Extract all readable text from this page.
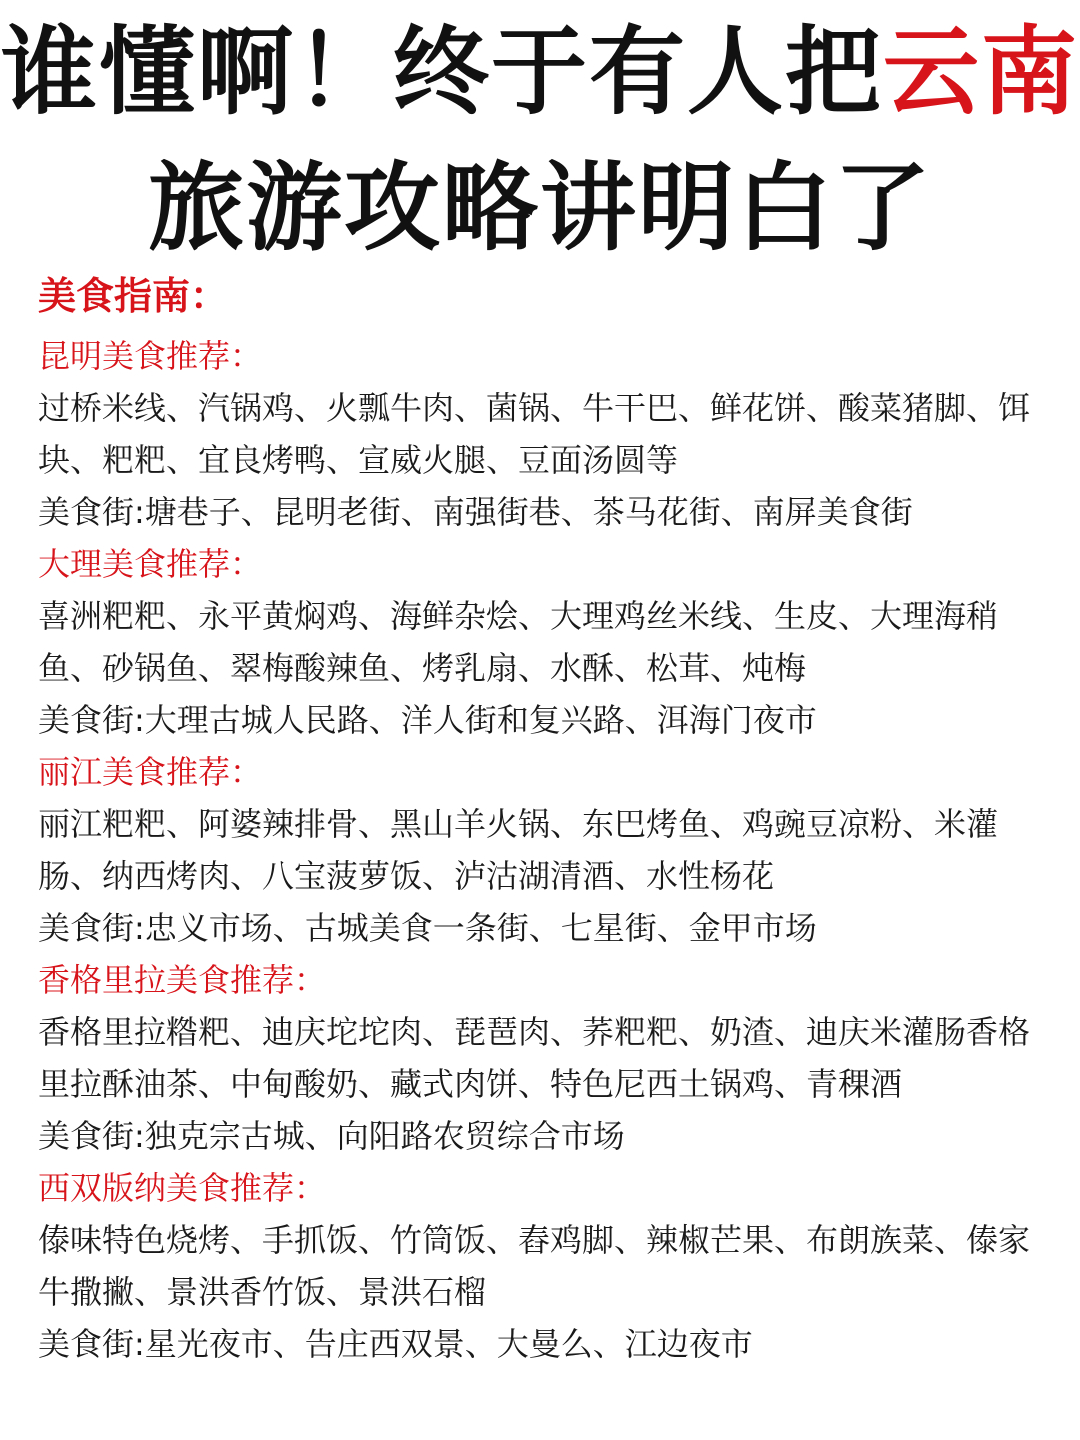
谁懂啊！终于有人把云南
旅游攻略讲明白了
美食指南：
昆明美食推荐：
过桥米线、汽锅鸡、火瓢牛肉、菌锅、牛干巴、鲜花饼、酸菜猪脚、饵块、粑粑、宜良烤鸭、宣威火腿、豆面汤圆等
美食街:塘巷子、昆明老街、南强街巷、茶马花街、南屏美食街
大理美食推荐：
喜洲粑粑、永平黄焖鸡、海鲜杂烩、大理鸡丝米线、生皮、大理海稍鱼、砂锅鱼、翠梅酸辣鱼、烤乳扇、水酥、松茸、炖梅
美食街:大理古城人民路、洋人街和复兴路、洱海门夜市
丽江美食推荐：
丽江粑粑、阿婆辣排骨、黑山羊火锅、东巴烤鱼、鸡豌豆凉粉、米灌肠、纳西烤肉、八宝菠萝饭、泸沽湖清酒、水性杨花
美食街:忠义市场、古城美食一条街、七星街、金甲市场
香格里拉美食推荐：
香格里拉糌粑、迪庆坨坨肉、琵琶肉、荞粑粑、奶渣、迪庆米灌肠香格里拉酥油茶、中甸酸奶、藏式肉饼、特色尼西土锅鸡、青稞酒
美食街:独克宗古城、向阳路农贸综合市场
西双版纳美食推荐：
傣味特色烧烤、手抓饭、竹筒饭、舂鸡脚、辣椒芒果、布朗族菜、傣家牛撒撇、景洪香竹饭、景洪石榴
美食街:星光夜市、告庄西双景、大曼么、江边夜市
